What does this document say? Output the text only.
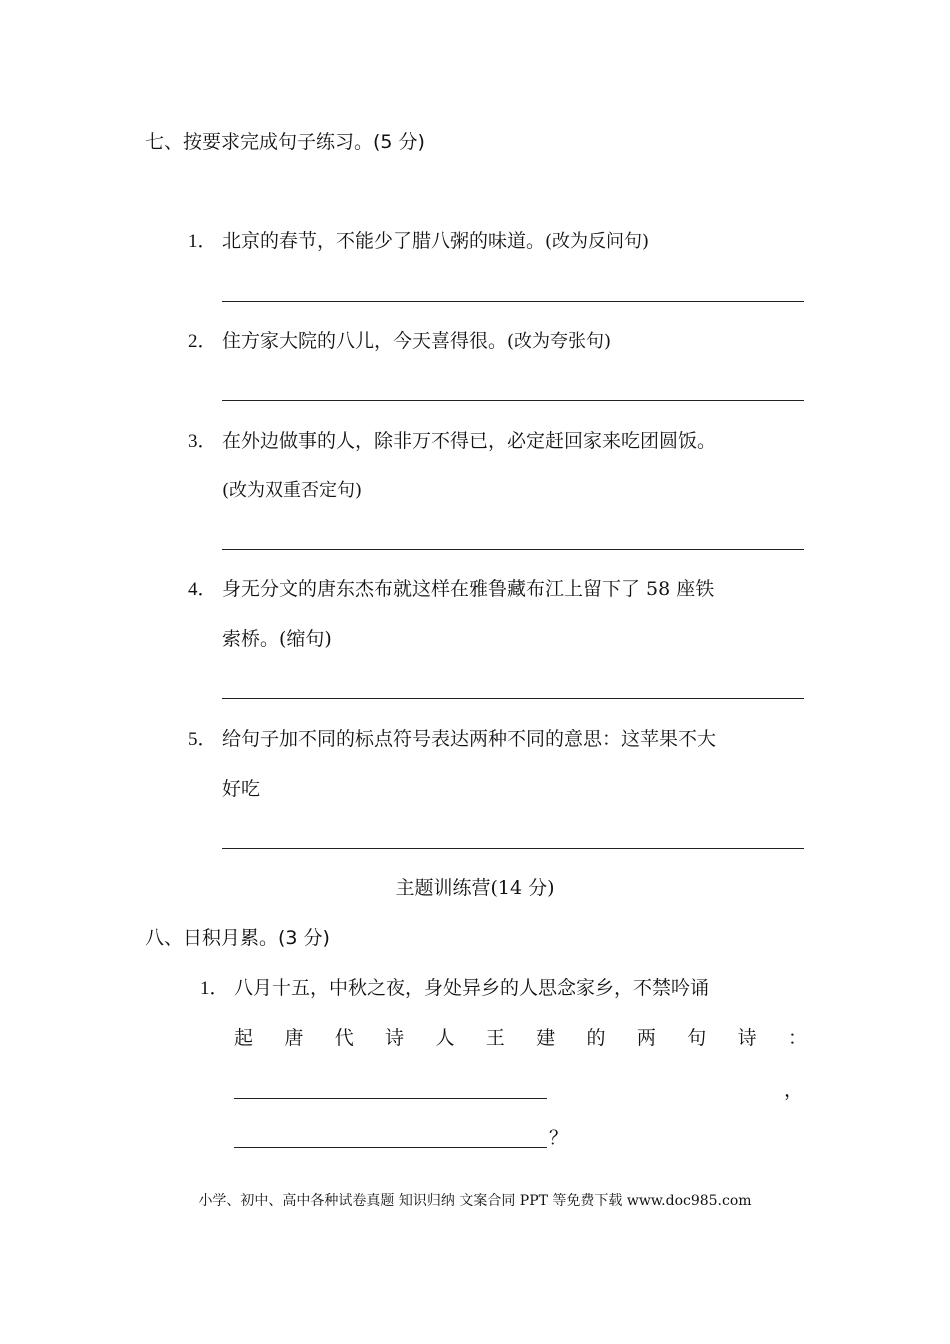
七、按要求完成句子练习。(5 分)
1． 北京的春节，不能少了腊八粥的味道。(改为反问句)
2． 住方家大院的八儿，今天喜得很。(改为夸张句)
3． 在外边做事的人，除非万不得已，必定赶回家来吃团圆饭。
(改为双重否定句)
4． 身无分文的唐东杰布就这样在雅鲁藏布江上留下了 58 座铁
索桥。(缩句)
5． 给句子加不同的标点符号表达两种不同的意思：这苹果不大
好吃
主题训练营(14 分)
八、日积月累。(3 分)
1． 八月十五，中秋之夜，身处异乡的人思念家乡，不禁吟诵
起 唐 代 诗 人 王 建 的 两 句 诗 ：
，
？
小学、初中、高中各种试卷真题 知识归纳 文案合同 PPT 等免费下载 www.doc985.com
